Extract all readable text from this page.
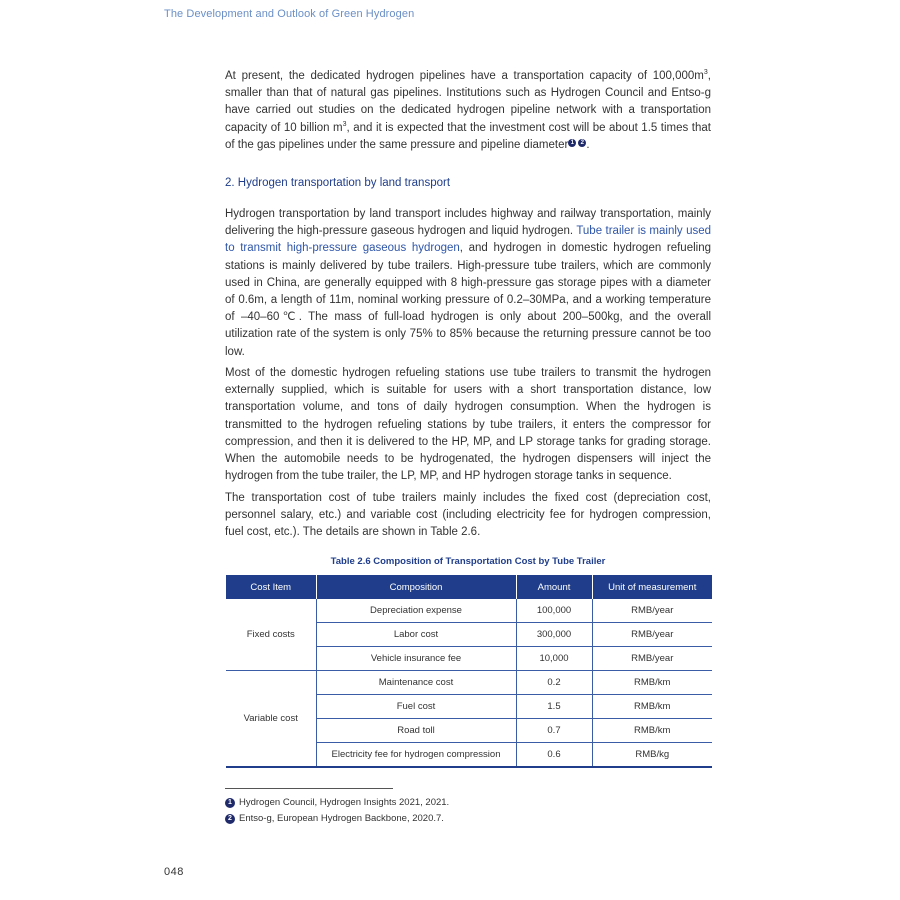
The Development and Outlook of Green Hydrogen

At present, the dedicated hydrogen pipelines have a transportation capacity of $100,000m^3$, smaller than that of natural gas pipelines. Institutions such as Hydrogen Council and Entso-g have carried out studies on the dedicated hydrogen pipeline network with a transportation capacity of 10 billion $m^3$, and it is expected that the investment cost will be about 1.5 times that of the gas pipelines under the same pressure and pipeline diameter 1	2 .

2. Hydrogen transportation by land transport

Hydrogen transportation by land transport includes highway and railway transportation, mainly delivering the high-pressure gaseous hydrogen and liquid hydrogen. Tube trailer is mainly used to transmit high-pressure gaseous hydrogen, and hydrogen in domestic hydrogen refueling stations is mainly delivered by tube trailers. High-pressure tube trailers, which are commonly used in China, are generally equipped with 8 high-pressure gas storage pipes with a diameter of 0.6m, a length of 11m, nominal working pressure of 0.2–30MPa, and a working temperature of –40–60℃. The mass of full-load hydrogen is only about 200–500kg, and the overall utilization rate of the system is only 75% to 85% because the returning pressure cannot be too low.

Most of the domestic hydrogen refueling stations use tube trailers to transmit the hydrogen externally supplied, which is suitable for users with a short transportation distance, low transportation volume, and tons of daily hydrogen consumption. When the hydrogen is transmitted to the hydrogen refueling stations by tube trailers, it enters the compressor for compression, and then it is delivered to the HP, MP, and LP storage tanks for grading storage. When the automobile needs to be hydrogenated, the hydrogen dispensers will inject the hydrogen from the tube trailer, the LP, MP, and HP hydrogen storage tanks in sequence.

The transportation cost of tube trailers mainly includes the fixed cost (depreciation cost, personnel salary, etc.) and variable cost (including electricity fee for hydrogen compression, fuel cost, etc.). The details are shown in Table 2.6.

Table 2.6 Composition of Transportation Cost by Tube Trailer
Cost Item	Composition	Amount	Unit of measurement
Fixed costs	Depreciation expense	100,000	RMB/year
	Labor cost	300,000	RMB/year
	Vehicle insurance fee	10,000	RMB/year
Variable cost	Maintenance cost	0.2	RMB/km
	Fuel cost	1.5	RMB/km
	Road toll	0.7	RMB/km
	Electricity fee for hydrogen compression	0.6	RMB/kg
1 Hydrogen Council, Hydrogen Insights 2021, 2021.
2 Entso-g, European Hydrogen Backbone, 2020.7.
048
